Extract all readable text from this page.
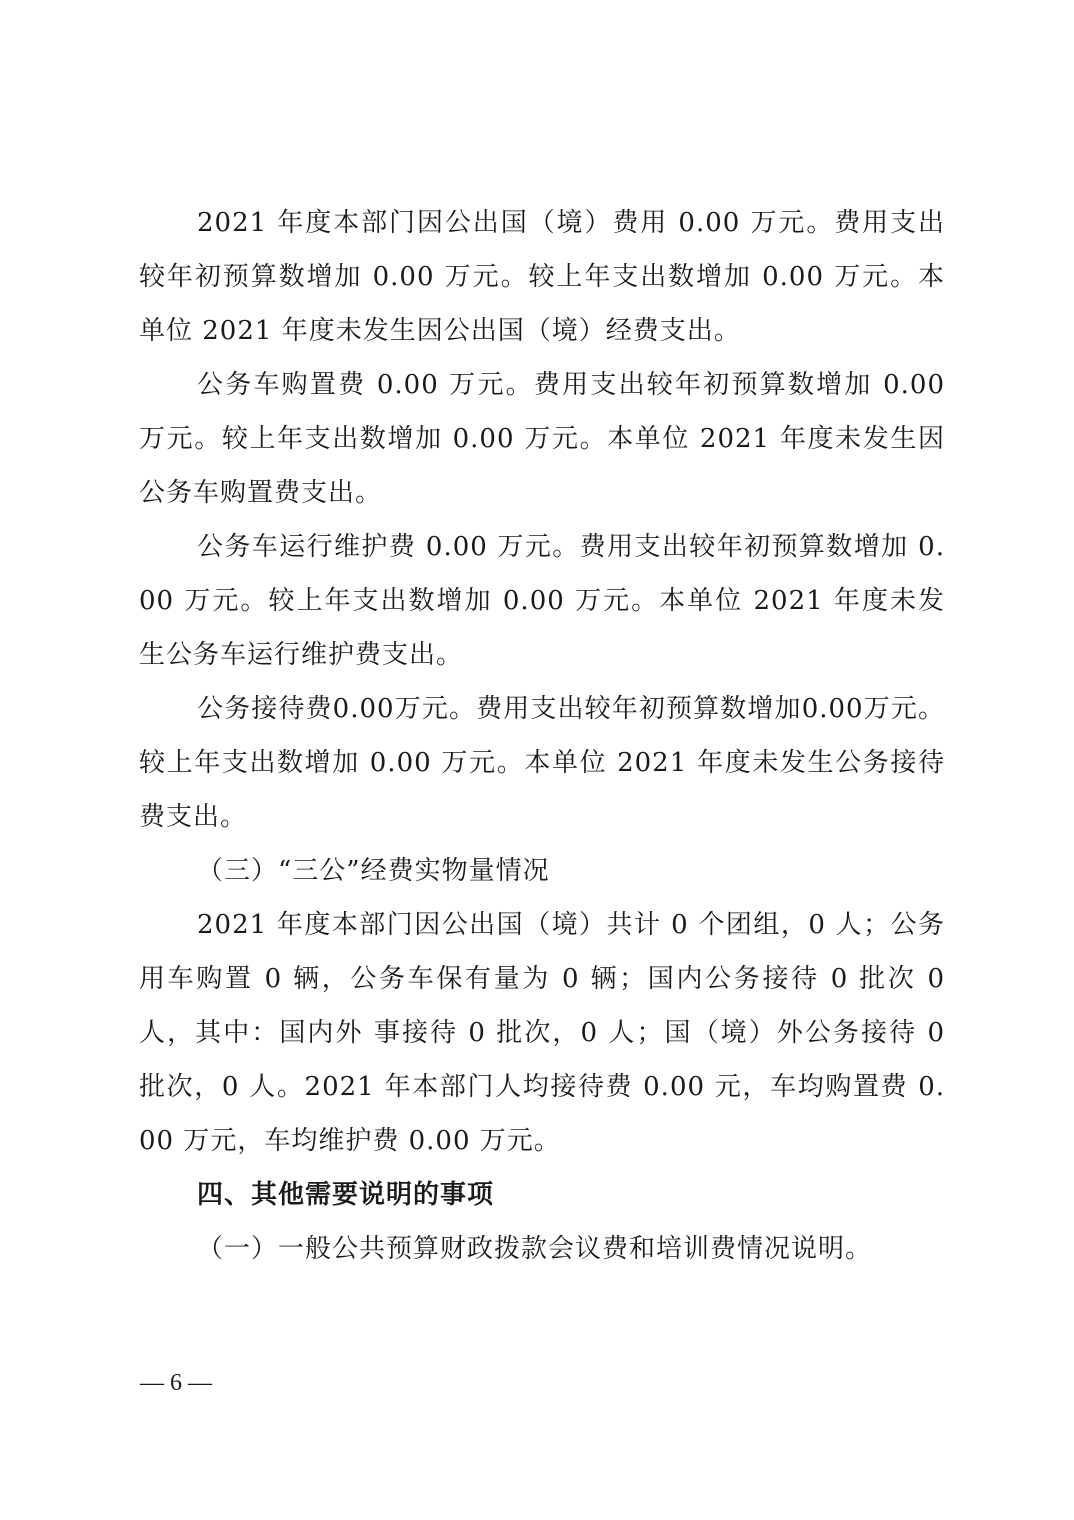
2021 年度本部门因公出国（境）费用 0.00 万元。费用支出较年初预算数增加 0.00 万元。较上年支出数增加 0.00 万元。本单位 2021 年度未发生因公出国（境）经费支出。

公务车购置费 0.00 万元。费用支出较年初预算数增加 0.00 万元。较上年支出数增加 0.00 万元。本单位 2021 年度未发生因公务车购置费支出。

公务车运行维护费 0.00 万元。费用支出较年初预算数增加 0.00 万元。较上年支出数增加 0.00 万元。本单位 2021 年度未发生公务车运行维护费支出。

公务接待费0.00万元。费用支出较年初预算数增加0.00万元。较上年支出数增加 0.00 万元。本单位 2021 年度未发生公务接待费支出。

（三）“三公”经费实物量情况

2021 年度本部门因公出国（境）共计 0 个团组，0 人；公务用车购置 0 辆，公务车保有量为 0 辆；国内公务接待 0 批次 0 人，其中：国内外 事接待 0 批次，0 人；国（境）外公务接待 0 批次，0 人。2021 年本部门人均接待费 0.00 元，车均购置费 0.00 万元，车均维护费 0.00 万元。

四、其他需要说明的事项

（一）一般公共预算财政拨款会议费和培训费情况说明。

— 6 —
